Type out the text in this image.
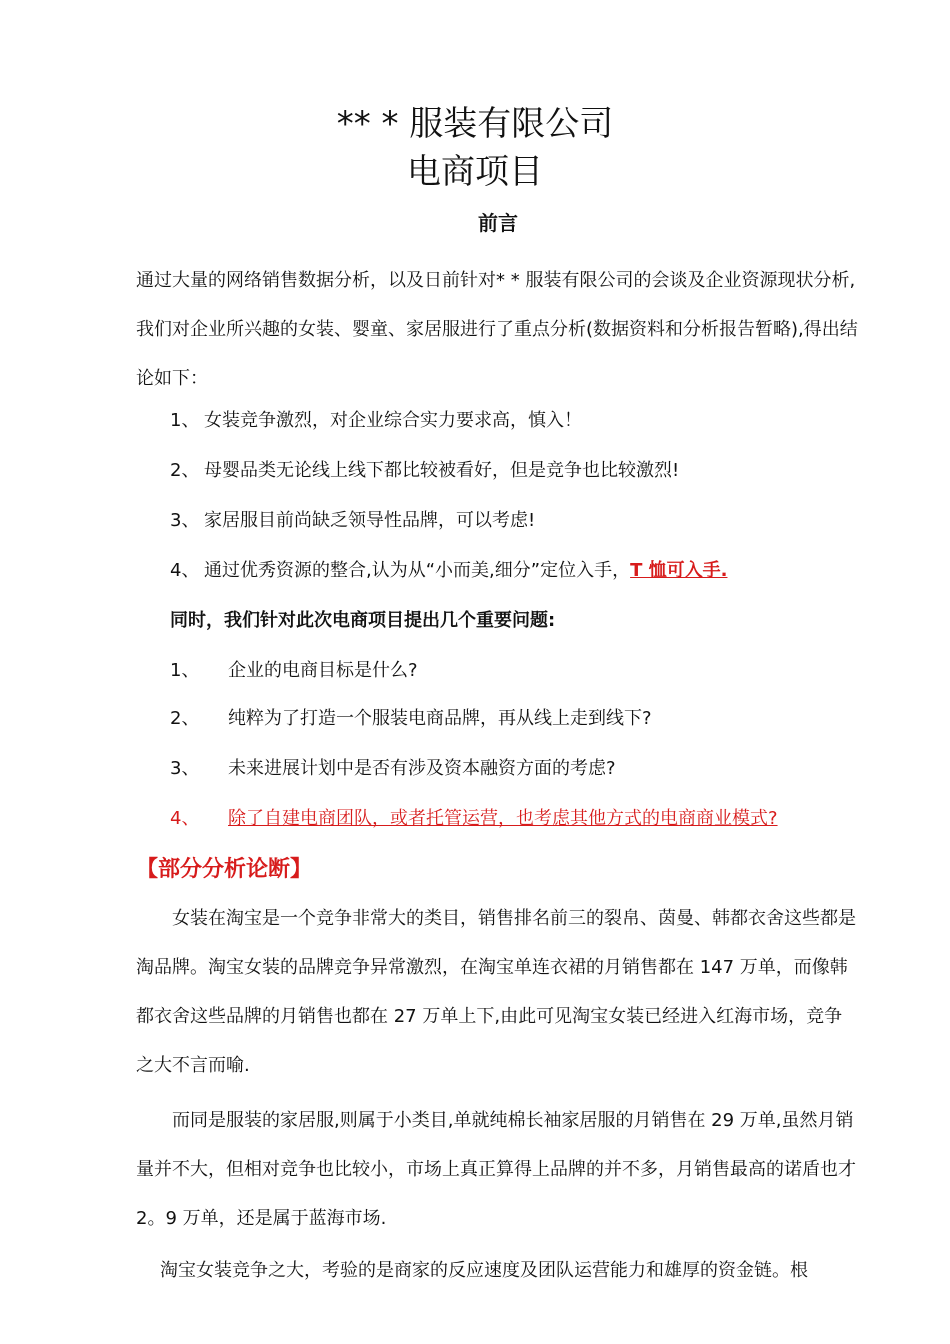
** * 服装有限公司
电商项目
前言
通过大量的网络销售数据分析，以及日前针对* * 服装有限公司的会谈及企业资源现状分析,我们对企业所兴趣的女装、婴童、家居服进行了重点分析(数据资料和分析报告暂略),得出结论如下：
1、 女装竞争激烈，对企业综合实力要求高，慎入！
2、 母婴品类无论线上线下都比较被看好，但是竞争也比较激烈!
3、 家居服目前尚缺乏领导性品牌，可以考虑!
4、 通过优秀资源的整合,认为从“小而美,细分”定位入手，T 恤可入手.
同时，我们针对此次电商项目提出几个重要问题:
1、 企业的电商目标是什么?
2、 纯粹为了打造一个服装电商品牌，再从线上走到线下?
3、 未来进展计划中是否有涉及资本融资方面的考虑?
4、 除了自建电商团队，或者托管运营，也考虑其他方式的电商商业模式?
【部分分析论断】
女装在淘宝是一个竞争非常大的类目，销售排名前三的裂帛、茵曼、韩都衣舍这些都是淘品牌。淘宝女装的品牌竞争异常激烈，在淘宝单连衣裙的月销售都在 147 万单，而像韩都衣舍这些品牌的月销售也都在 27 万单上下,由此可见淘宝女装已经进入红海市场，竞争之大不言而喻.
而同是服装的家居服,则属于小类目,单就纯棉长袖家居服的月销售在 29 万单,虽然月销量并不大，但相对竞争也比较小，市场上真正算得上品牌的并不多，月销售最高的诺盾也才 2。9 万单，还是属于蓝海市场.
淘宝女装竞争之大，考验的是商家的反应速度及团队运营能力和雄厚的资金链。根
